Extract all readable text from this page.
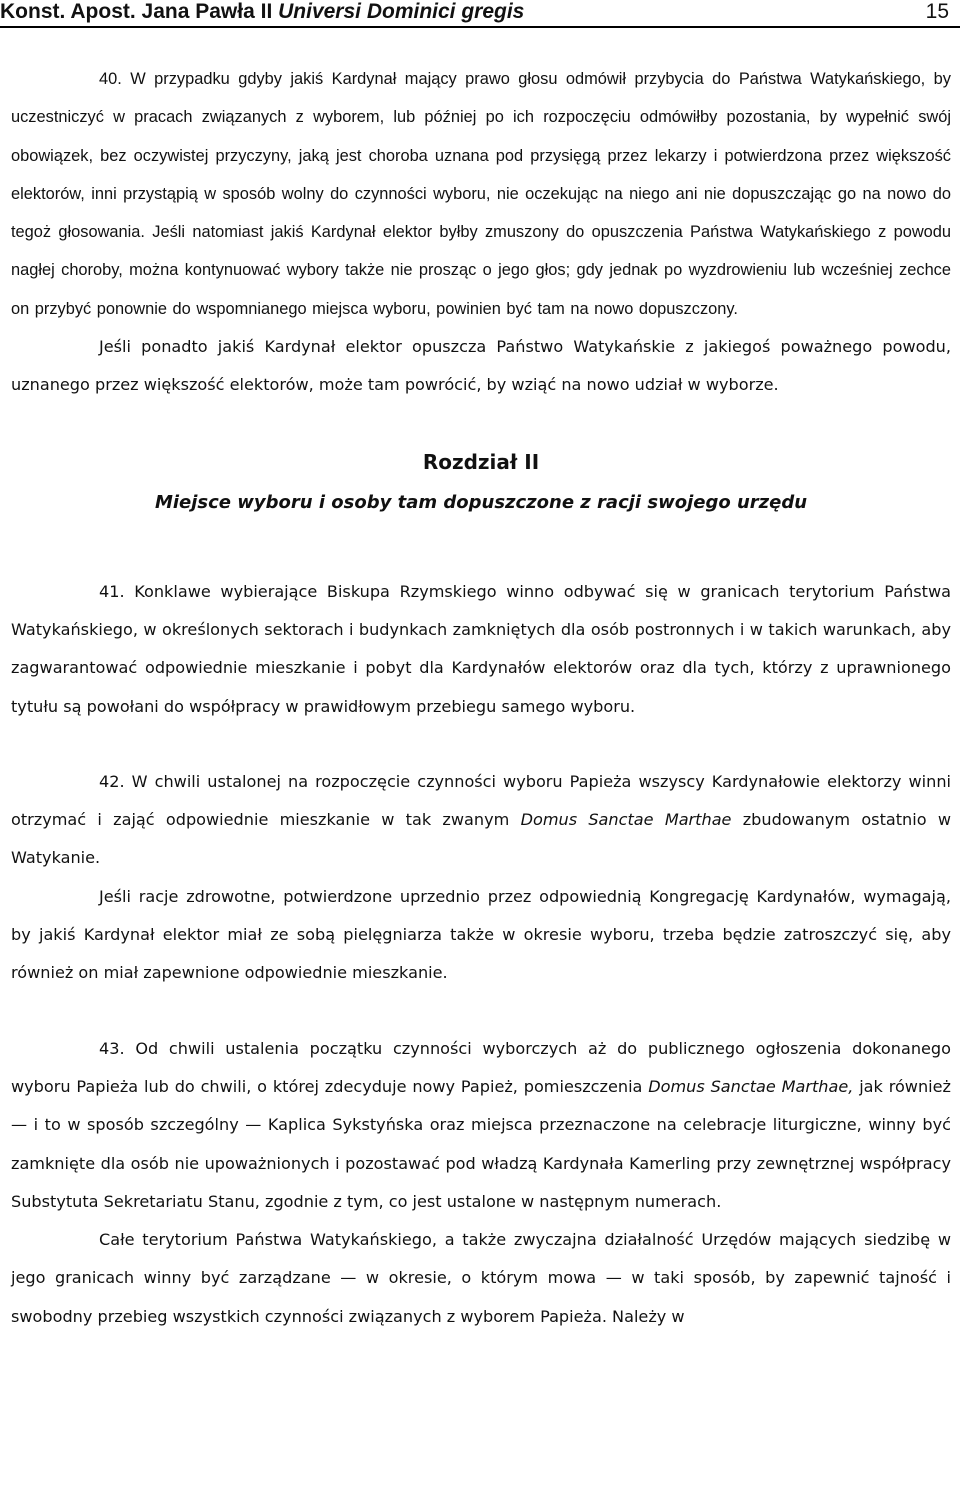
Konst. Apost. Jana Pawła II Universi Dominici gregis	15

40. W przypadku gdyby jakiś Kardynał mający prawo głosu odmówił przybycia do Państwa Watykańskiego, by uczestniczyć w pracach związanych z wyborem, lub później po ich rozpoczęciu odmówiłby pozostania, by wypełnić swój obowiązek, bez oczywistej przyczyny, jaką jest choroba uznana pod przysięgą przez lekarzy i potwierdzona przez większość elektorów, inni przystąpią w sposób wolny do czynności wyboru, nie oczekując na niego ani nie dopuszczając go na nowo do tegoż głosowania. Jeśli natomiast jakiś Kardynał elektor byłby zmuszony do opuszczenia Państwa Watykańskiego z powodu nagłej choroby, można kontynuować wybory także nie prosząc o jego głos; gdy jednak po wyzdrowieniu lub wcześniej zechce on przybyć ponownie do wspomnianego miejsca wyboru, powinien być tam na nowo dopuszczony.

Jeśli ponadto jakiś Kardynał elektor opuszcza Państwo Watykańskie z jakiegoś poważnego powodu, uznanego przez większość elektorów, może tam powrócić, by wziąć na nowo udział w wyborze.

Rozdział II

Miejsce wyboru i osoby tam dopuszczone z racji swojego urzędu

41. Konklawe wybierające Biskupa Rzymskiego winno odbywać się w granicach terytorium Państwa Watykańskiego, w określonych sektorach i budynkach zamkniętych dla osób postronnych i w takich warunkach, aby zagwarantować odpowiednie mieszkanie i pobyt dla Kardynałów elektorów oraz dla tych, którzy z uprawnionego tytułu są powołani do współpracy w prawidłowym przebiegu samego wyboru.

42. W chwili ustalonej na rozpoczęcie czynności wyboru Papieża wszyscy Kardynałowie elektorzy winni otrzymać i zająć odpowiednie mieszkanie w tak zwanym Domus Sanctae Marthae zbudowanym ostatnio w Watykanie.

Jeśli racje zdrowotne, potwierdzone uprzednio przez odpowiednią Kongregację Kardynałów, wymagają, by jakiś Kardynał elektor miał ze sobą pielęgniarza także w okresie wyboru, trzeba będzie zatroszczyć się, aby również on miał zapewnione odpowiednie mieszkanie.

43. Od chwili ustalenia początku czynności wyborczych aż do publicznego ogłoszenia dokonanego wyboru Papieża lub do chwili, o której zdecyduje nowy Papież, pomieszczenia Domus Sanctae Marthae, jak również — i to w sposób szczególny — Kaplica Sykstyńska oraz miejsca przeznaczone na celebracje liturgiczne, winny być zamknięte dla osób nie upoważnionych i pozostawać pod władzą Kardynała Kamerling przy zewnętrznej współpracy Substytuta Sekretariatu Stanu, zgodnie z tym, co jest ustalone w następnym numerach.

Całe terytorium Państwa Watykańskiego, a także zwyczajna działalność Urzędów mających siedzibę w jego granicach winny być zarządzane — w okresie, o którym mowa — w taki sposób, by zapewnić tajność i swobodny przebieg wszystkich czynności związanych z wyborem Papieża. Należy w
